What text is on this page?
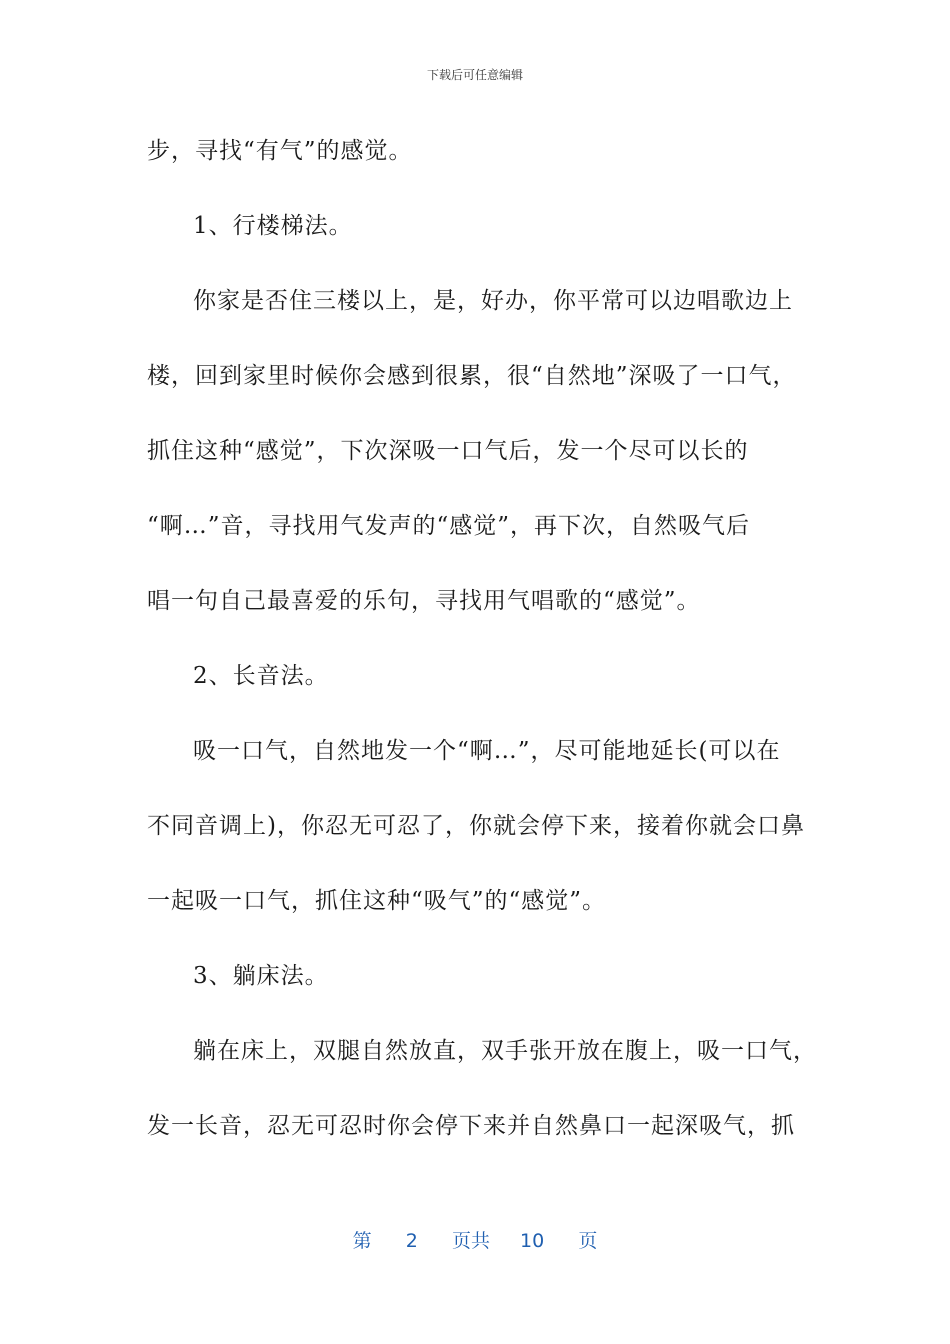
下载后可任意编辑
步，寻找“有气”的感觉。
1、行楼梯法。
你家是否住三楼以上，是，好办，你平常可以边唱歌边上
楼，回到家里时候你会感到很累，很“自然地”深吸了一口气，
抓住这种“感觉”，下次深吸一口气后，发一个尽可以长的
“啊…”音，寻找用气发声的“感觉”，再下次，自然吸气后
唱一句自己最喜爱的乐句，寻找用气唱歌的“感觉”。
2、长音法。
吸一口气，自然地发一个“啊…”，尽可能地延长(可以在
不同音调上)，你忍无可忍了，你就会停下来，接着你就会口鼻
一起吸一口气，抓住这种“吸气”的“感觉”。
3、躺床法。
躺在床上，双腿自然放直，双手张开放在腹上，吸一口气，
发一长音，忍无可忍时你会停下来并自然鼻口一起深吸气，抓
第 2 页共 10 页
